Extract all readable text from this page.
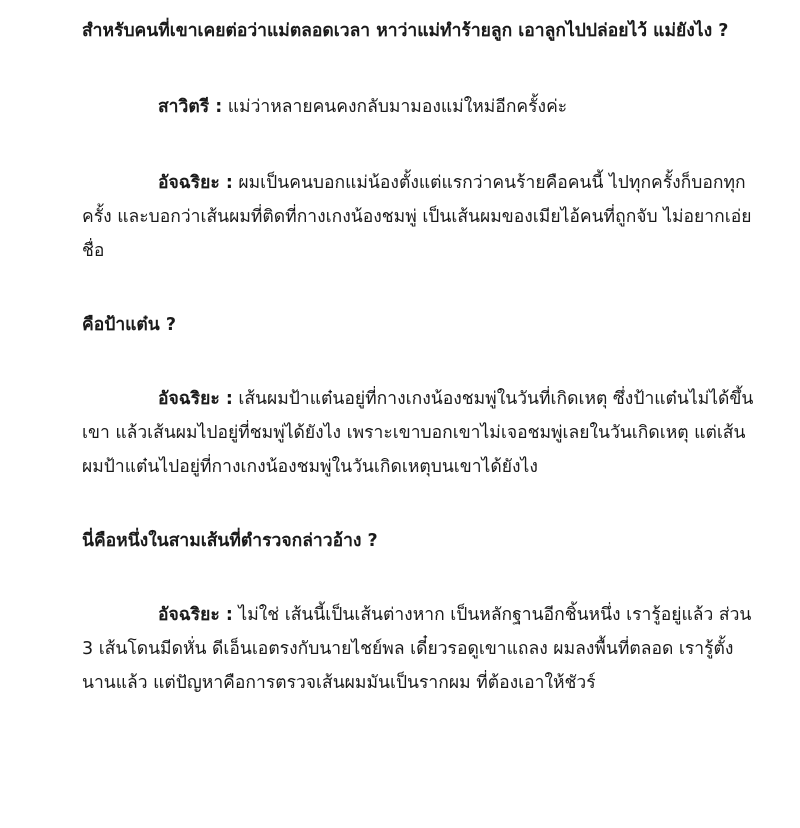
สำหรับคนที่เขาเคยต่อว่าแม่ตลอดเวลา หาว่าแม่ทำร้ายลูก เอาลูกไปปล่อยไว้ แม่ยังไง ?

สาวิตรี : แม่ว่าหลายคนคงกลับมามองแม่ใหม่อีกครั้งค่ะ

อัจฉริยะ : ผมเป็นคนบอกแม่น้องตั้งแต่แรกว่าคนร้ายคือคนนี้ ไปทุกครั้งก็บอกทุกครั้ง และบอกว่าเส้นผมที่ติดที่กางเกงน้องชมพู่ เป็นเส้นผมของเมียไอ้คนที่ถูกจับ ไม่อยากเอ่ยชื่อ

คือป้าแต๋น ?

อัจฉริยะ : เส้นผมป้าแต๋นอยู่ที่กางเกงน้องชมพู่ในวันที่เกิดเหตุ ซึ่งป้าแต๋นไม่ได้ขึ้นเขา แล้วเส้นผมไปอยู่ที่ชมพู่ได้ยังไง เพราะเขาบอกเขาไม่เจอชมพู่เลยในวันเกิดเหตุ แต่เส้นผมป้าแต๋นไปอยู่ที่กางเกงน้องชมพู่ในวันเกิดเหตุบนเขาได้ยังไง

นี่คือหนึ่งในสามเส้นที่ตำรวจกล่าวอ้าง ?

อัจฉริยะ : ไม่ใช่ เส้นนี้เป็นเส้นต่างหาก เป็นหลักฐานอีกชิ้นหนึ่ง เรารู้อยู่แล้ว ส่วน 3 เส้นโดนมีดหั่น ดีเอ็นเอตรงกับนายไชย์พล เดี๋ยวรอดูเขาแถลง ผมลงพื้นที่ตลอด เรารู้ตั้งนานแล้ว แต่ปัญหาคือการตรวจเส้นผมมันเป็นรากผม ที่ต้องเอาให้ชัวร์
